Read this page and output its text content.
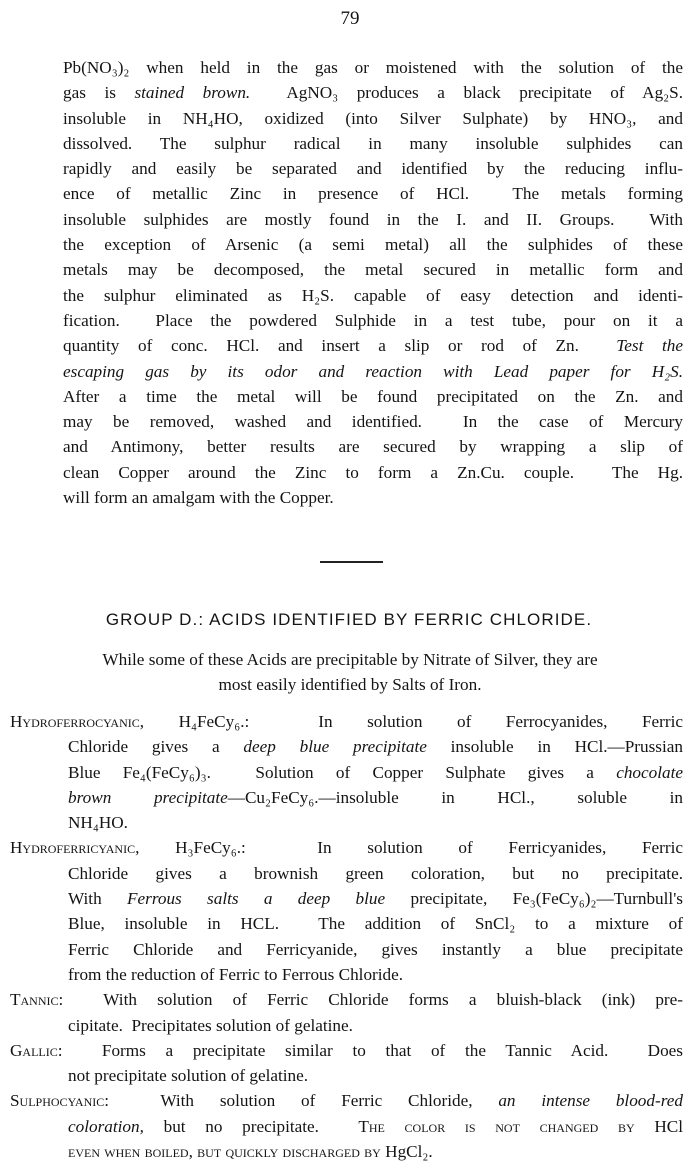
79
Pb(NO₃)₂ when held in the gas or moistened with the solution of the
gas is stained brown.  AgNO₃ produces a black precipitate of Ag₂S.
insoluble in NH₄HO, oxidized (into Silver Sulphate) by HNO₃, and
dissolved. The sulphur radical in many insoluble sulphides can
rapidly and easily be separated and identified by the reducing influ-
ence of metallic Zinc in presence of HCl.  The metals forming
insoluble sulphides are mostly found in the I. and II. Groups.  With
the exception of Arsenic (a semi metal) all the sulphides of these
metals may be decomposed, the metal secured in metallic form and
the sulphur eliminated as H₂S. capable of easy detection and identi-
fication.  Place the powdered Sulphide in a test tube, pour on it a
quantity of conc. HCl. and insert a slip or rod of Zn.  Test the
escaping gas by its odor and reaction with Lead paper for H₂S.
After a time the metal will be found precipitated on the Zn. and
may be removed, washed and identified.  In the case of Mercury
and Antimony, better results are secured by wrapping a slip of
clean Copper around the Zinc to form a Zn.Cu. couple.  The Hg.
will form an amalgam with the Copper.
GROUP D.: ACIDS IDENTIFIED BY FERRIC CHLORIDE.
While some of these Acids are precipitable by Nitrate of Silver, they are
most easily identified by Salts of Iron.
Hydroferrocyanic, H₄FeCy₆.:  In solution of Ferrocyanides, Ferric
Chloride gives a deep blue precipitate insoluble in HCl.—Prussian
Blue Fe₄(FeCy₆)₃.  Solution of Copper Sulphate gives a chocolate
brown precipitate—Cu₂FeCy₆.—insoluble in HCl., soluble in
NH₄HO.
Hydroferricyanic, H₃FeCy₆.:  In solution of Ferricyanides, Ferric
Chloride gives a brownish green coloration, but no precipitate.
With Ferrous salts a deep blue precipitate, Fe₃(FeCy₆)₂—Turnbull's
Blue, insoluble in HCL.  The addition of SnCl₂ to a mixture of
Ferric Chloride and Ferricyanide, gives instantly a blue precipitate
from the reduction of Ferric to Ferrous Chloride.
Tannic:  With solution of Ferric Chloride forms a bluish-black (ink) pre-
cipitate.  Precipitates solution of gelatine.
Gallic:  Forms a precipitate similar to that of the Tannic Acid.  Does
not precipitate solution of gelatine.
Sulphocyanic:  With solution of Ferric Chloride, an intense blood-red
coloration, but no precipitate.  The color is not changed by HCl
even when boiled, but quickly discharged by HgCl₂.
